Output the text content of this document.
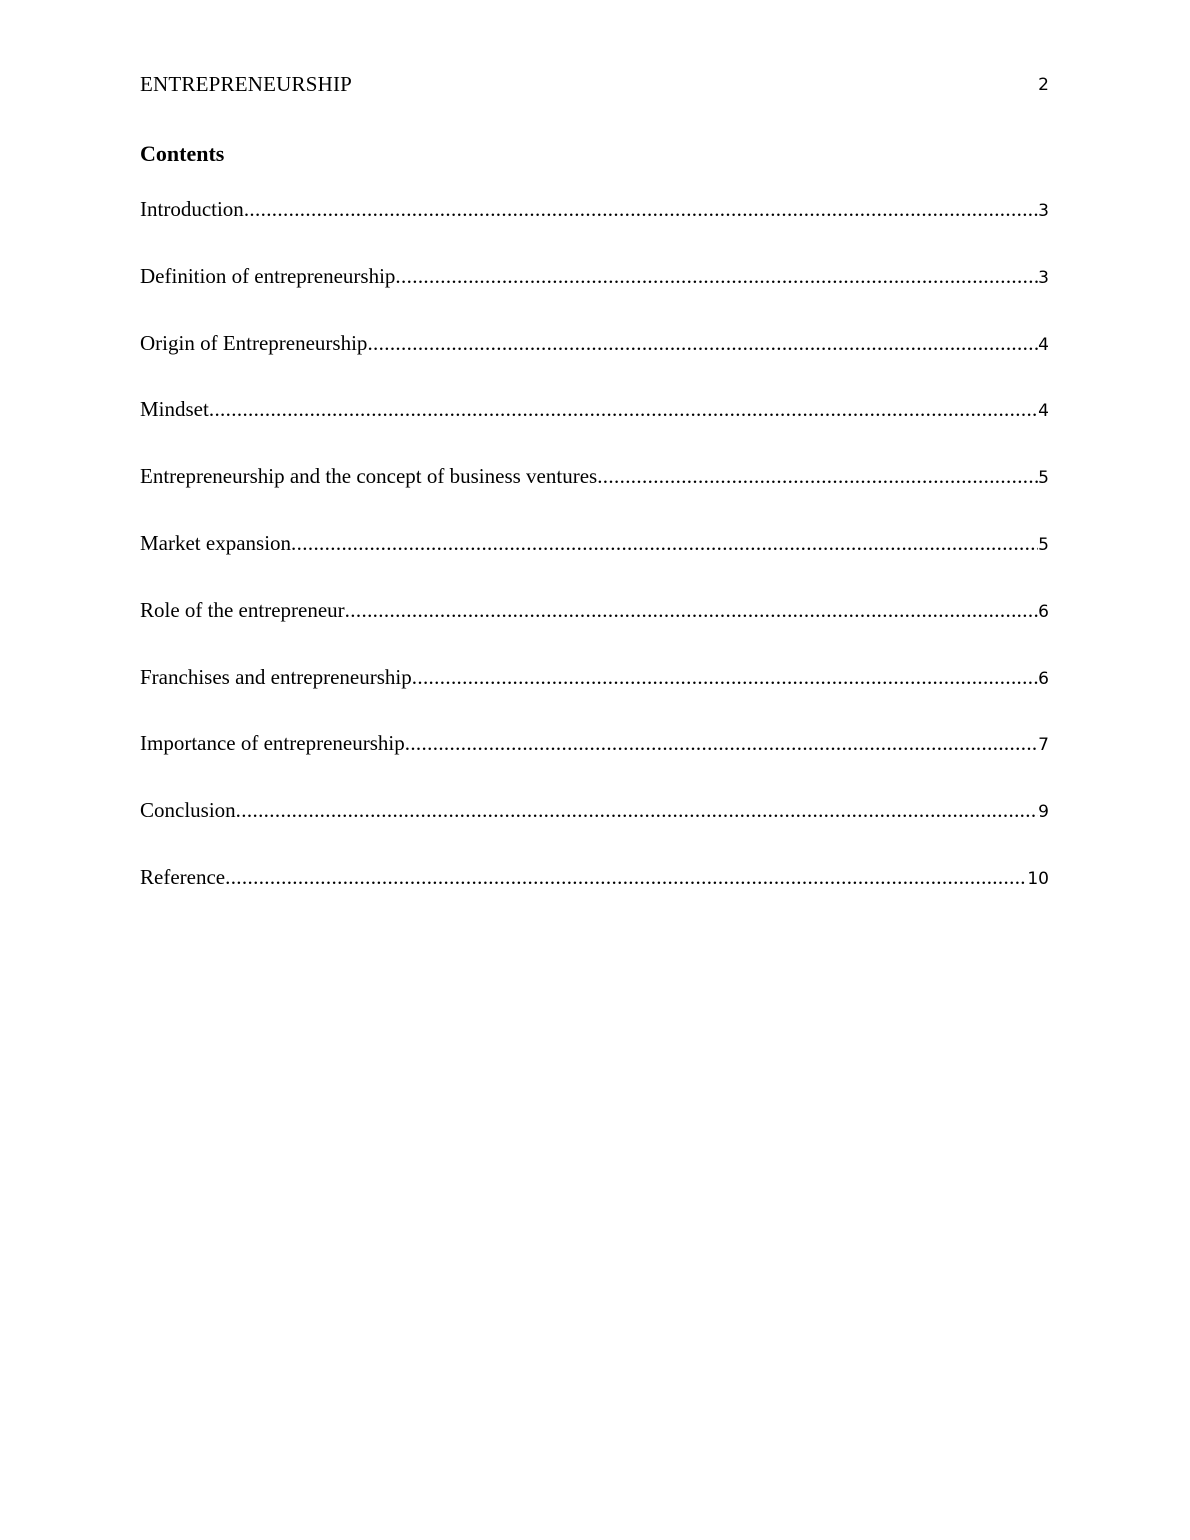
ENTREPRENEURSHIP	2
Contents
Introduction .....	3
Definition of entrepreneurship .....	3
Origin of Entrepreneurship .....	4
Mindset .....	4
Entrepreneurship and the concept of business ventures .....	5
Market expansion .....	5
Role of the entrepreneur .....	6
Franchises and entrepreneurship .....	6
Importance of entrepreneurship .....	7
Conclusion .....	9
Reference .....	10
